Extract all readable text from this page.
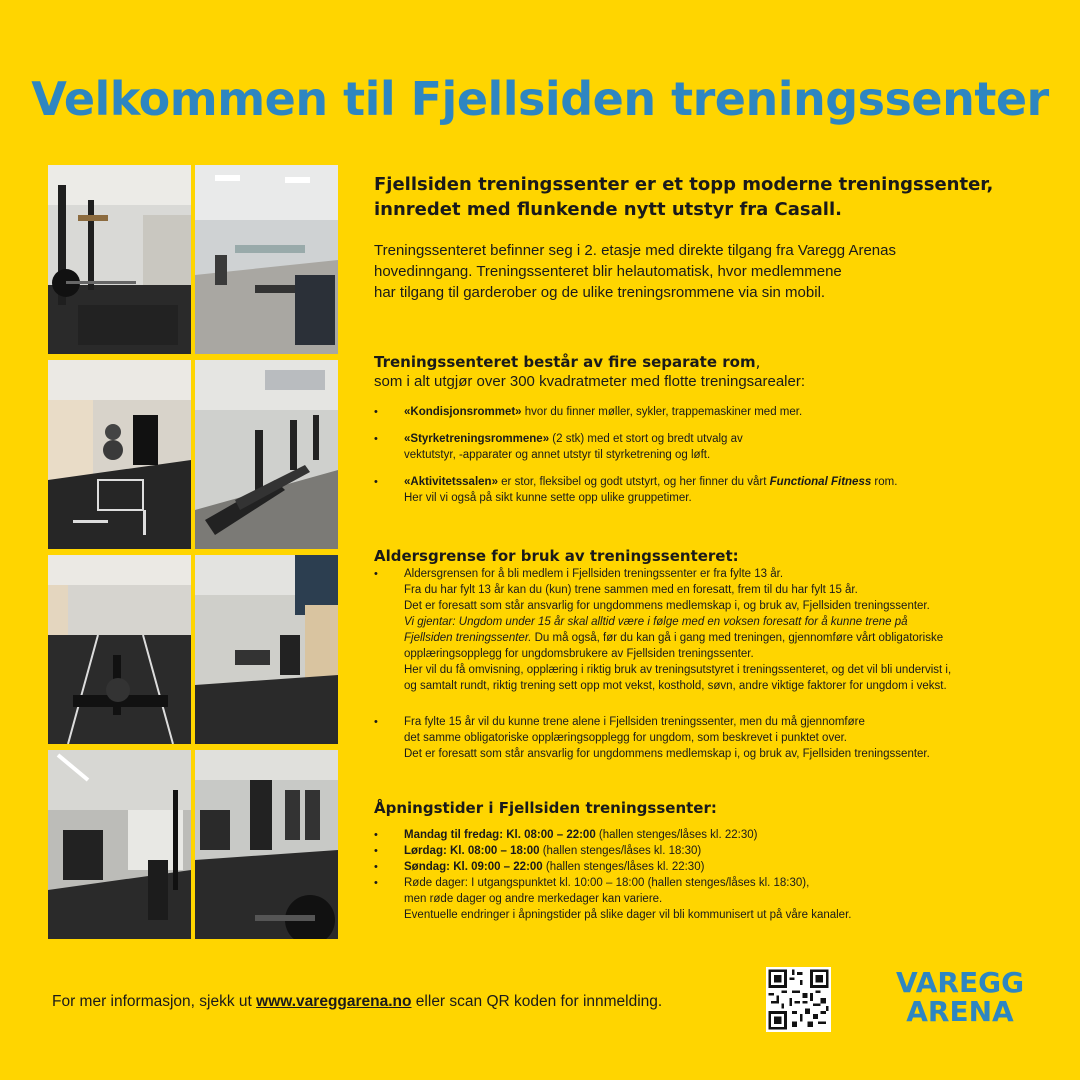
Velkommen til Fjellsiden treningssenter

Fjellsiden treningssenter er et topp moderne treningssenter,
innredet med flunkende nytt utstyr fra Casall.

Treningssenteret befinner seg i 2. etasje med direkte tilgang fra Varegg Arenas
hovedinngang. Treningssenteret blir helautomatisk, hvor medlemmene
har tilgang til garderober og de ulike treningsrommene via sin mobil.

Treningssenteret består av fire separate rom,

som i alt utgjør over 300 kvadratmeter med flotte treningsarealer:

• «Kondisjonsrommet» hvor du finner møller, sykler, trappemaskiner med mer.
• «Styrketreningsrommene» (2 stk) med et stort og bredt utvalg av
vektutstyr, -apparater og annet utstyr til styrketrening og løft.
• «Aktivitetssalen» er stor, fleksibel og godt utstyrt, og her finner du vårt Functional Fitness rom.
Her vil vi også på sikt kunne sette opp ulike gruppetimer.

Aldersgrense for bruk av treningssenteret:

• Aldersgrensen for å bli medlem i Fjellsiden treningssenter er fra fylte 13 år.
Fra du har fylt 13 år kan du (kun) trene sammen med en foresatt, frem til du har fylt 15 år.
Det er foresatt som står ansvarlig for ungdommens medlemskap i, og bruk av, Fjellsiden treningssenter.
Vi gjentar: Ungdom under 15 år skal alltid være i følge med en voksen foresatt for å kunne trene på
Fjellsiden treningssenter. Du må også, før du kan gå i gang med treningen, gjennomføre vårt obligatoriske
opplæringsopplegg for ungdomsbrukere av Fjellsiden treningssenter.
Her vil du få omvisning, opplæring i riktig bruk av treningsutstyret i treningssenteret, og det vil bli undervist i,
og samtalt rundt, riktig trening sett opp mot vekst, kosthold, søvn, andre viktige faktorer for ungdom i vekst.
• Fra fylte 15 år vil du kunne trene alene i Fjellsiden treningssenter, men du må gjennomføre
det samme obligatoriske opplæringsopplegg for ungdom, som beskrevet i punktet over.
Det er foresatt som står ansvarlig for ungdommens medlemskap i, og bruk av, Fjellsiden treningssenter.

Åpningstider i Fjellsiden treningssenter:

• Mandag til fredag: Kl. 08:00 – 22:00 (hallen stenges/låses kl. 22:30)
• Lørdag: Kl. 08:00 – 18:00 (hallen stenges/låses kl. 18:30)
• Søndag: Kl. 09:00 – 22:00 (hallen stenges/låses kl. 22:30)
• Røde dager: I utgangspunktet kl. 10:00 – 18:00 (hallen stenges/låses kl. 18:30),
men røde dager og andre merkedager kan variere.
Eventuelle endringer i åpningstider på slike dager vil bli kommunisert ut på våre kanaler.
For mer informasjon, sjekk ut www.vareggarena.no eller scan QR koden for innmelding.
VAREGG
ARENA
